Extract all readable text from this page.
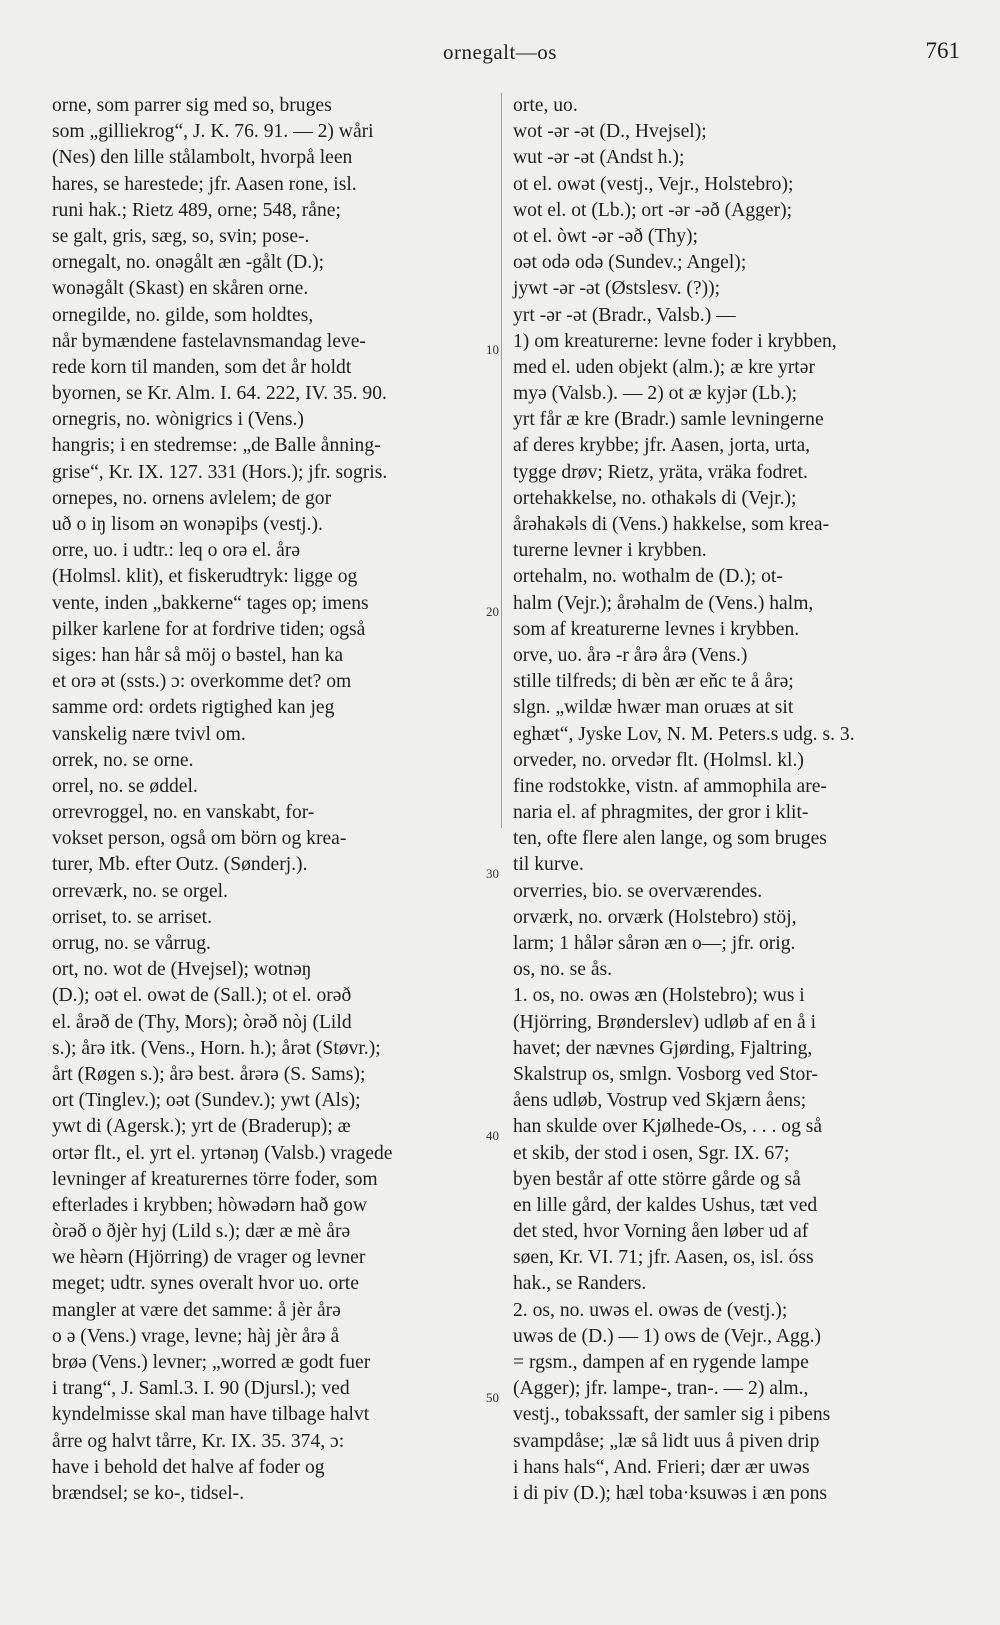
ornegalt—os	761
orne, som parrer sig med so, bruges
som „gilliekrog“, J. K. 76. 91. — 2) wåri
(Nes) den lille stålambolt, hvorpå leen
hares, se harestede; jfr. Aasen rone, isl.
runi hak.; Rietz 489, orne; 548, råne;
se galt, gris, sæg, so, svin; pose-.
ornegalt, no. onəgålt æn -gålt (D.);
wonəgålt (Skast) en skåren orne.
ornegilde, no. gilde, som holdtes,
når bymændene fastelavnsmandag leve-
rede korn til manden, som det år holdt
byornen, se Kr. Alm. I. 64. 222, IV. 35. 90.
ornegris, no. wònigrics i (Vens.)
hangris; i en stedremse: „de Balle ånning-
grise“, Kr. IX. 127. 331 (Hors.); jfr. sogris.
ornepes, no. ornens avlelem; de gor
uð o iŋ lisom ən wonəpiþs (vestj.).
orre, uo. i udtr.: leq o orə el. årə
(Holmsl. klit), et fiskerudtryk: ligge og
vente, inden „bakkerne“ tages op; imens
pilker karlene for at fordrive tiden; også
siges: han hår så möj o bəstel, han ka
et orə ət (ssts.) ɔ: overkomme det? om
samme ord: ordets rigtighed kan jeg
vanskelig nære tvivl om.
orrek, no. se orne.
orrel, no. se øddel.
orrevroggel, no. en vanskabt, for-
vokset person, også om börn og krea-
turer, Mb. efter Outz. (Sønderj.).
orreværk, no. se orgel.
orriset, to. se arriset.
orrug, no. se vårrug.
ort, no. wot de (Hvejsel); wotnəŋ
(D.); oət el. owət de (Sall.); ot el. orəð
el. årəð de (Thy, Mors); òrəð nòj (Lild
s.); årə itk. (Vens., Horn. h.); årət (Støvr.);
årt (Røgen s.); årə best. årərə (S. Sams);
ort (Tinglev.); oət (Sundev.); ywt (Als);
ywt di (Agersk.); yrt de (Braderup); æ
ortər flt., el. yrt el. yrtənəŋ (Valsb.) vragede
levninger af kreaturernes törre foder, som
efterlades i krybben; hòwədərn hað gow
òrəð o ðjèr hyj (Lild s.); dær æ mè årə
we hèərn (Hjörring) de vrager og levner
meget; udtr. synes overalt hvor uo. orte
mangler at være det samme: å jèr årə
o ə (Vens.) vrage, levne; hàj jèr årə å
brøə (Vens.) levner; „worred æ godt fuer
i trang“, J. Saml.3. I. 90 (Djursl.); ved
kyndelmisse skal man have tilbage halvt
årre og halvt tårre, Kr. IX. 35. 374, ɔ:
have i behold det halve af foder og
brændsel; se ko-, tidsel-.
orte, uo.
wot -ər -ət (D., Hvejsel);
wut -ər -ət (Andst h.);
ot el. owət (vestj., Vejr., Holstebro);
wot el. ot (Lb.); ort -ər -əð (Agger);
ot el. òwt -ər -əð (Thy);
oət odə odə (Sundev.; Angel);
jywt -ər -ət (Østslesv. (?));
yrt -ər -ət (Bradr., Valsb.) —
1) om kreaturerne: levne foder i krybben,
med el. uden objekt (alm.); æ kre yrtər
myə (Valsb.). — 2) ot æ kyjər (Lb.);
yrt får æ kre (Bradr.) samle levningerne
af deres krybbe; jfr. Aasen, jorta, urta,
tygge drøv; Rietz, yräta, vräka fodret.
ortehakkelse, no. othakəls di (Vejr.);
årəhakəls di (Vens.) hakkelse, som krea-
turerne levner i krybben.
ortehalm, no. wothalm de (D.); ot-
halm (Vejr.); årəhalm de (Vens.) halm,
som af kreaturerne levnes i krybben.
orve, uo. årə -r årə årə (Vens.)
stille tilfreds; di bèn ær eňc te å årə;
slgn. „wildæ hwær man oruæs at sit
eghæt“, Jyske Lov, N. M. Peters.s udg. s. 3.
orveder, no. orvedər flt. (Holmsl. kl.)
fine rodstokke, vistn. af ammophila are-
naria el. af phragmites, der gror i klit-
ten, ofte flere alen lange, og som bruges
til kurve.
orverries, bio. se overværendes.
orværk, no. orværk (Holstebro) stöj,
larm; 1 hålər sårən æn o—; jfr. orig.
os, no. se ås.
1. os, no. owəs æn (Holstebro); wus i
(Hjörring, Brønderslev) udløb af en å i
havet; der nævnes Gjørding, Fjaltring,
Skalstrup os, smlgn. Vosborg ved Stor-
åens udløb, Vostrup ved Skjærn åens;
han skulde over Kjølhede-Os, . . . og så
et skib, der stod i osen, Sgr. IX. 67;
byen består af otte större gårde og så
en lille gård, der kaldes Ushus, tæt ved
det sted, hvor Vorning åen løber ud af
søen, Kr. VI. 71; jfr. Aasen, os, isl. óss
hak., se Randers.
2. os, no. uwəs el. owəs de (vestj.);
uwəs de (D.) — 1) ows de (Vejr., Agg.)
= rgsm., dampen af en rygende lampe
(Agger); jfr. lampe-, tran-. — 2) alm.,
vestj., tobakssaft, der samler sig i pibens
svampdåse; „læ så lidt uus å piven drip
i hans hals“, And. Frieri; dær ær uwəs
i di piv (D.); hæl toba·ksuwəs i æn pons
10
20
30
40
50
